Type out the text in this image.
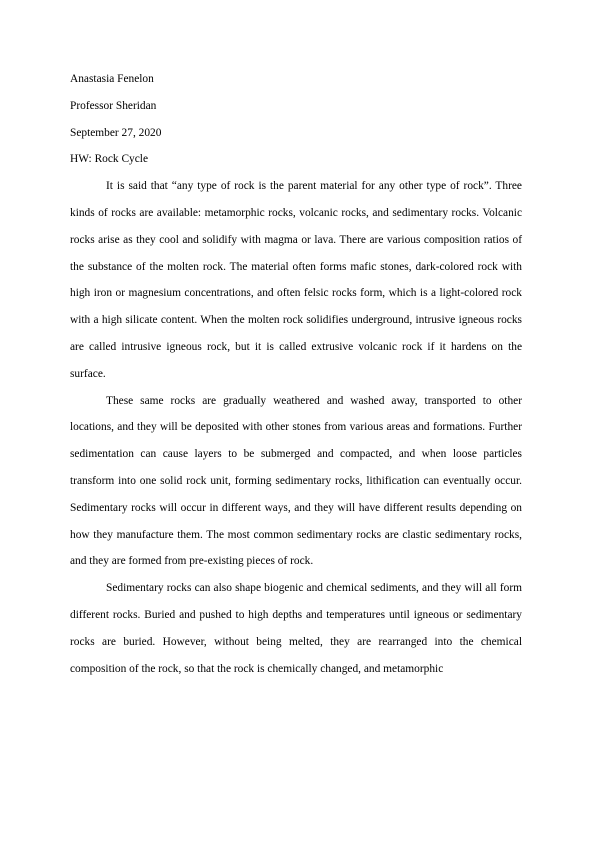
Anastasia Fenelon

Professor Sheridan

September 27, 2020

HW: Rock Cycle

It is said that “any type of rock is the parent material for any other type of rock”. Three kinds of rocks are available: metamorphic rocks, volcanic rocks, and sedimentary rocks. Volcanic rocks arise as they cool and solidify with magma or lava. There are various composition ratios of the substance of the molten rock. The material often forms mafic stones, dark-colored rock with high iron or magnesium concentrations, and often felsic rocks form, which is a light-colored rock with a high silicate content. When the molten rock solidifies underground, intrusive igneous rocks are called intrusive igneous rock, but it is called extrusive volcanic rock if it hardens on the surface.

These same rocks are gradually weathered and washed away, transported to other locations, and they will be deposited with other stones from various areas and formations. Further sedimentation can cause layers to be submerged and compacted, and when loose particles transform into one solid rock unit, forming sedimentary rocks, lithification can eventually occur. Sedimentary rocks will occur in different ways, and they will have different results depending on how they manufacture them. The most common sedimentary rocks are clastic sedimentary rocks, and they are formed from pre-existing pieces of rock.

Sedimentary rocks can also shape biogenic and chemical sediments, and they will all form different rocks. Buried and pushed to high depths and temperatures until igneous or sedimentary rocks are buried. However, without being melted, they are rearranged into the chemical composition of the rock, so that the rock is chemically changed, and metamorphic
